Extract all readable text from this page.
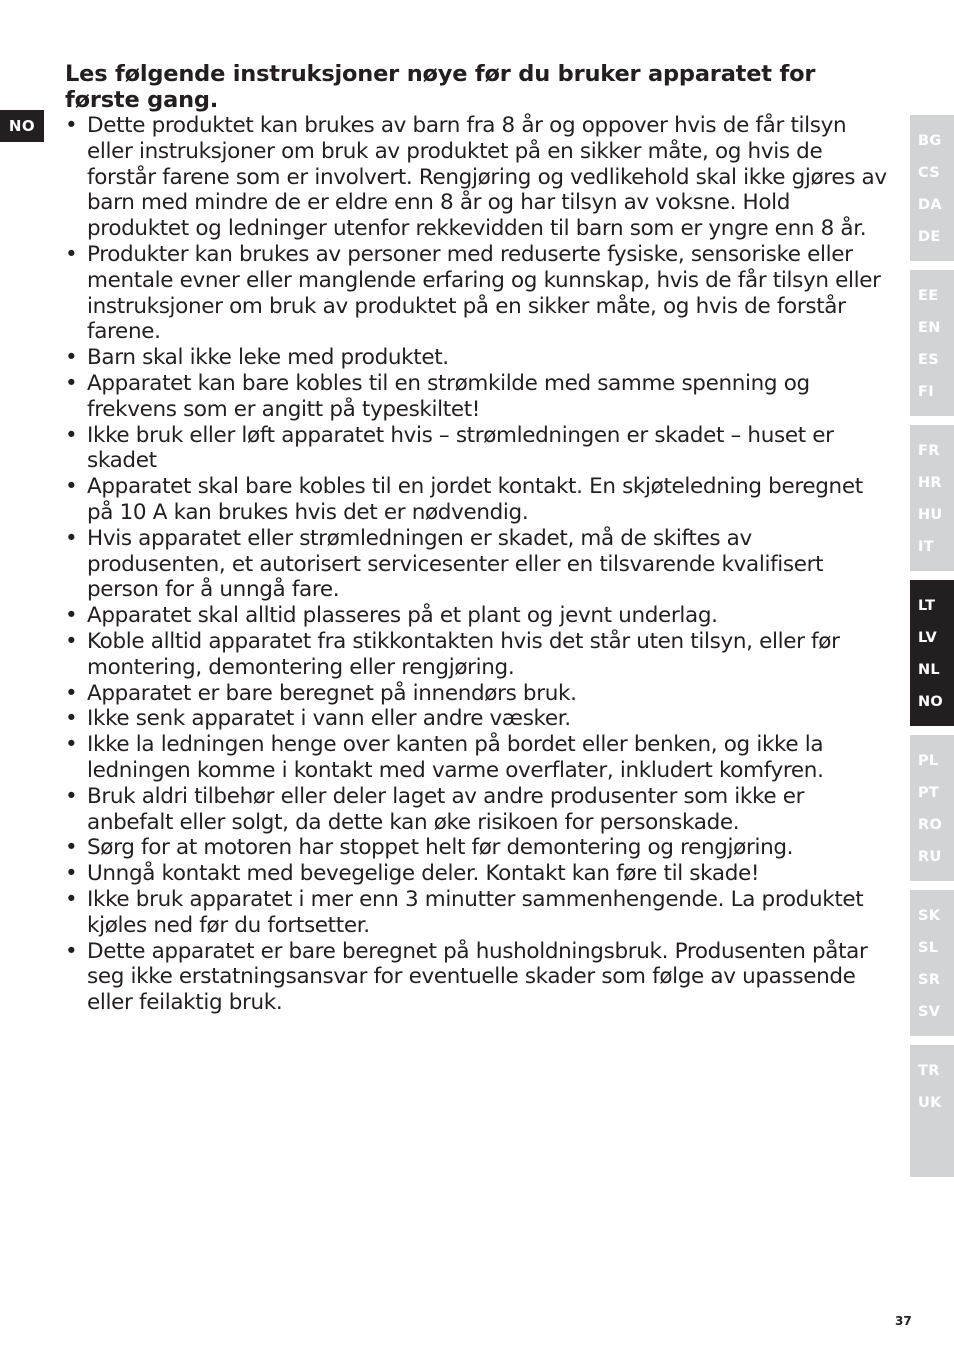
NO
Les følgende instruksjoner nøye før du bruker apparatet for første gang.
• Dette produktet kan brukes av barn fra 8 år og oppover hvis de får tilsyn eller instruksjoner om bruk av produktet på en sikker måte, og hvis de forstår farene som er involvert. Rengjøring og vedlikehold skal ikke gjøres av barn med mindre de er eldre enn 8 år og har tilsyn av voksne. Hold produktet og ledninger utenfor rekkevidden til barn som er yngre enn 8 år.
• Produkter kan brukes av personer med reduserte fysiske, sensoriske eller mentale evner eller manglende erfaring og kunnskap, hvis de får tilsyn eller instruksjoner om bruk av produktet på en sikker måte, og hvis de forstår farene.
• Barn skal ikke leke med produktet.
• Apparatet kan bare kobles til en strømkilde med samme spenning og frekvens som er angitt på typeskiltet!
• Ikke bruk eller løft apparatet hvis – strømledningen er skadet – huset er skadet
• Apparatet skal bare kobles til en jordet kontakt. En skjøteledning beregnet på 10 A kan brukes hvis det er nødvendig.
• Hvis apparatet eller strømledningen er skadet, må de skiftes av produsenten, et autorisert servicesenter eller en tilsvarende kvalifisert person for å unngå fare.
• Apparatet skal alltid plasseres på et plant og jevnt underlag.
• Koble alltid apparatet fra stikkontakten hvis det står uten tilsyn, eller før montering, demontering eller rengjøring.
• Apparatet er bare beregnet på innendørs bruk.
• Ikke senk apparatet i vann eller andre væsker.
• Ikke la ledningen henge over kanten på bordet eller benken, og ikke la ledningen komme i kontakt med varme overflater, inkludert komfyren.
• Bruk aldri tilbehør eller deler laget av andre produsenter som ikke er anbefalt eller solgt, da dette kan øke risikoen for personskade.
• Sørg for at motoren har stoppet helt før demontering og rengjøring.
• Unngå kontakt med bevegelige deler. Kontakt kan føre til skade!
• Ikke bruk apparatet i mer enn 3 minutter sammenhengende. La produktet kjøles ned før du fortsetter.
• Dette apparatet er bare beregnet på husholdningsbruk. Produsenten påtar seg ikke erstatningsansvar for eventuelle skader som følge av upassende eller feilaktig bruk.
BG
CS
DA
DE
EE
EN
ES
FI
FR
HR
HU
IT
LT
LV
NL
NO
PL
PT
RO
RU
SK
SL
SR
SV
TR
UK
37
